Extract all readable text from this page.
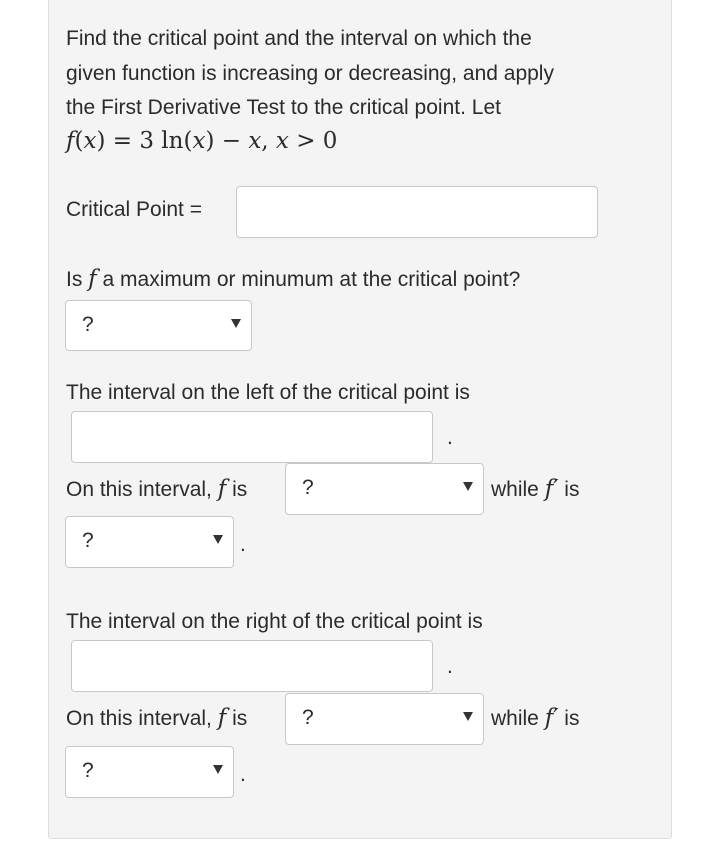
Find the critical point and the interval on which the
given function is increasing or decreasing, and apply
the First Derivative Test to the critical point. Let
f(x) = 3 ln(x) − x, x > 0
Critical Point =
Is f a maximum or minumum at the critical point?
?
The interval on the left of the critical point is
.
On this interval, f is	?	while f′ is
?	.
The interval on the right of the critical point is
.
On this interval, f is	?	while f′ is
?	.
